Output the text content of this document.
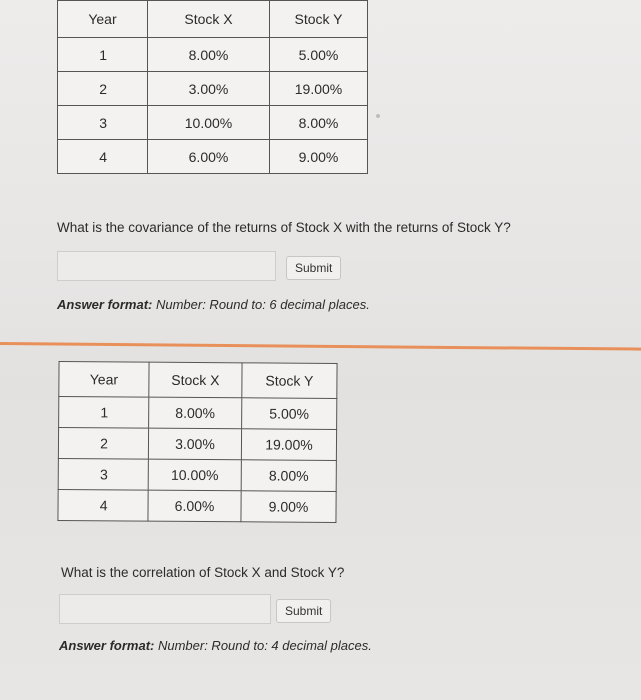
Year	Stock X	Stock Y
1	8.00%	5.00%
2	3.00%	19.00%
3	10.00%	8.00%
4	6.00%	9.00%
What is the covariance of the returns of Stock X with the returns of Stock Y?
Submit
Answer format: Number: Round to: 6 decimal places.
Year	Stock X	Stock Y
1	8.00%	5.00%
2	3.00%	19.00%
3	10.00%	8.00%
4	6.00%	9.00%
What is the correlation of Stock X and Stock Y?
Submit
Answer format: Number: Round to: 4 decimal places.
